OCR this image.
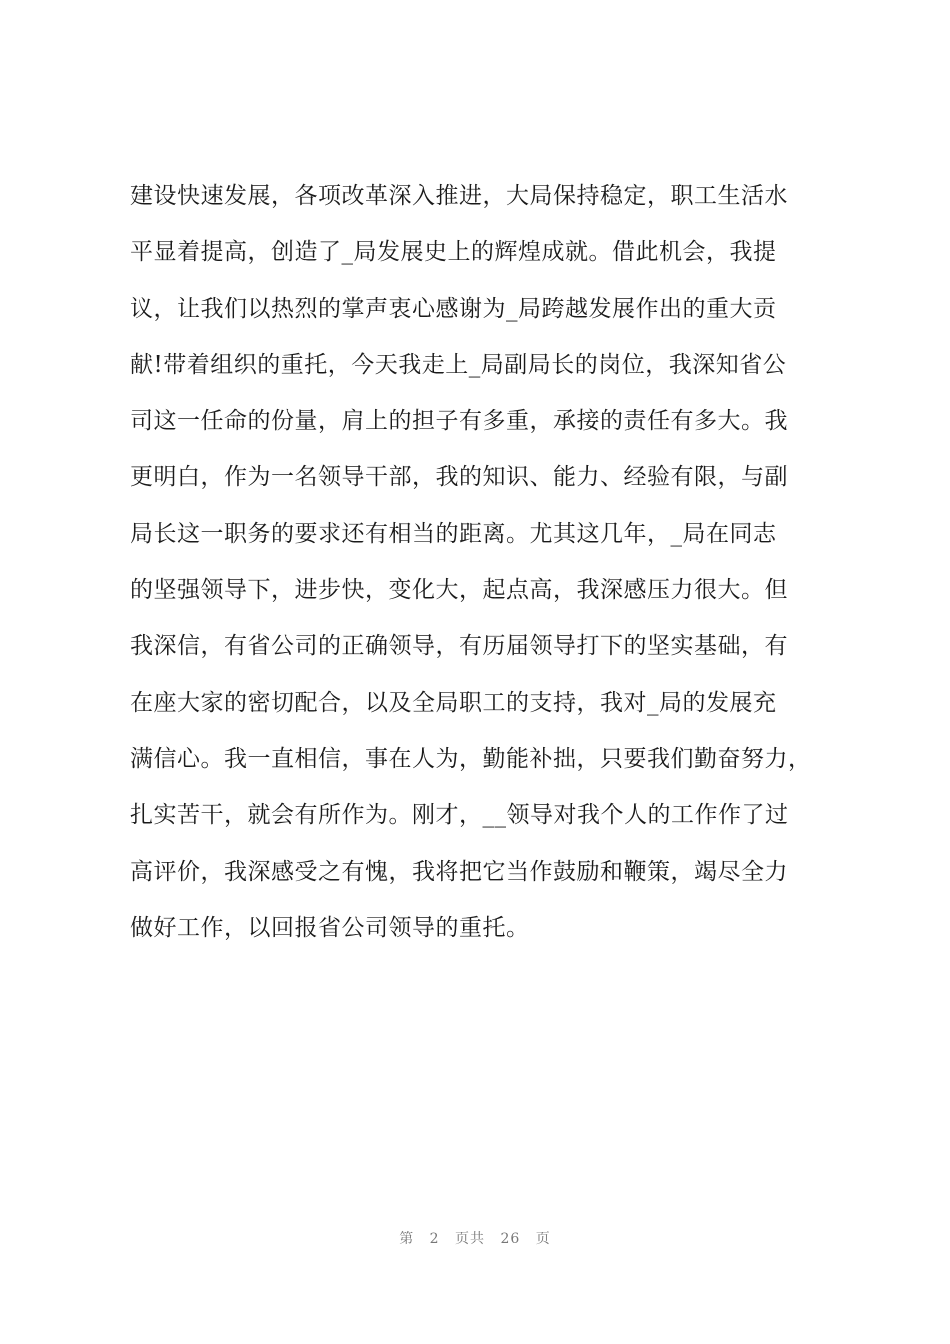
建设快速发展，各项改革深入推进，大局保持稳定，职工生活水
平显着提高，创造了_局发展史上的辉煌成就。借此机会，我提
议，让我们以热烈的掌声衷心感谢为_局跨越发展作出的重大贡
献!带着组织的重托，今天我走上_局副局长的岗位，我深知省公
司这一任命的份量，肩上的担子有多重，承接的责任有多大。我
更明白，作为一名领导干部，我的知识、能力、经验有限，与副
局长这一职务的要求还有相当的距离。尤其这几年，_局在同志
的坚强领导下，进步快，变化大，起点高，我深感压力很大。但
我深信，有省公司的正确领导，有历届领导打下的坚实基础，有
在座大家的密切配合，以及全局职工的支持，我对_局的发展充
满信心。我一直相信，事在人为，勤能补拙，只要我们勤奋努力，
扎实苦干，就会有所作为。刚才，__领导对我个人的工作作了过
高评价，我深感受之有愧，我将把它当作鼓励和鞭策，竭尽全力
做好工作，以回报省公司领导的重托。
第 2 页共 26 页
